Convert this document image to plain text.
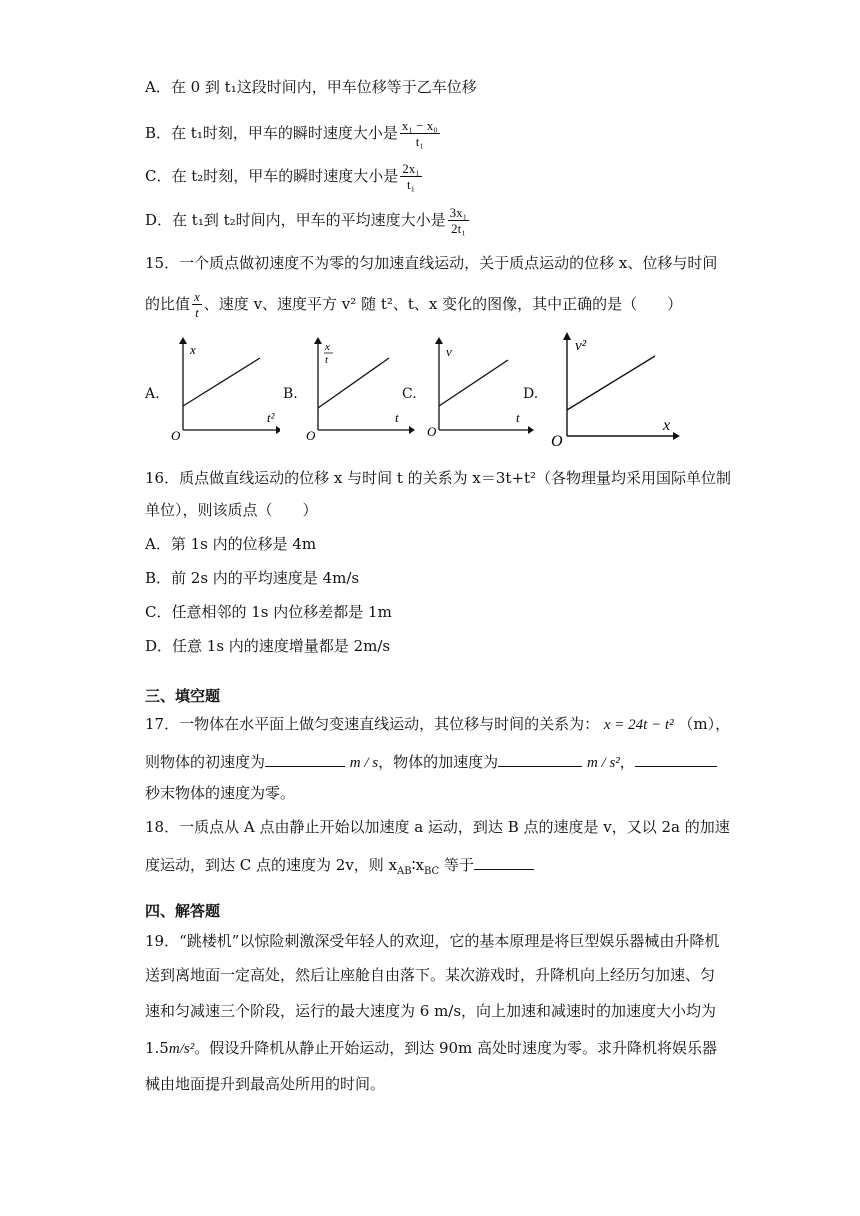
A．在 0 到 t₁这段时间内，甲车位移等于乙车位移
B．在 t₁时刻，甲车的瞬时速度大小是 $\frac{\text{x₁ − x₀}}{\text{t₁}}$
C．在 t₂时刻，甲车的瞬时速度大小是 $\frac{\text{2x₁}}{\text{t₁}}$
D．在 t₁到 t₂时间内，甲车的平均速度大小是 $\frac{\text{3x₁}}{\text{2t₁}}$
15．一个质点做初速度不为零的匀加速直线运动，关于质点运动的位移 x、位移与时间
的比值 $\frac{x}{t}$ 、速度 v、速度平方 v² 随 t²、t、x 变化的图像，其中正确的是（　　）
A.
x
t²
O
B.
x
t
t
O
C.
v
t
O
D.
v²
x
O
16．质点做直线运动的位移 x 与时间 t 的关系为 x＝3t+t²（各物理量均采用国际单位制
单位），则该质点（　　）
A．第 1s 内的位移是 4m
B．前 2s 内的平均速度是 4m/s
C．任意相邻的 1s 内位移差都是 1m
D．任意 1s 内的速度增量都是 2m/s
三、填空题
17．一物体在水平面上做匀变速直线运动，其位移与时间的关系为： x = 24t − t² （m），
则物体的初速度为	m / s，物体的加速度为	m / s²，
秒末物体的速度为零。
18．一质点从 A 点由静止开始以加速度 a 运动，到达 B 点的速度是 v，又以 2a 的加速
度运动，到达 C 点的速度为 2v，则 $x_{AB}∶x_{BC}$ 等于
四、解答题
19．“跳楼机”以惊险刺激深受年轻人的欢迎，它的基本原理是将巨型娱乐器械由升降机
送到离地面一定高处，然后让座舱自由落下。某次游戏时，升降机向上经历匀加速、匀
速和匀减速三个阶段，运行的最大速度为 6 m/s，向上加速和减速时的加速度大小均为
1.5m/s²。假设升降机从静止开始运动，到达 90m 高处时速度为零。求升降机将娱乐器
械由地面提升到最高处所用的时间。
